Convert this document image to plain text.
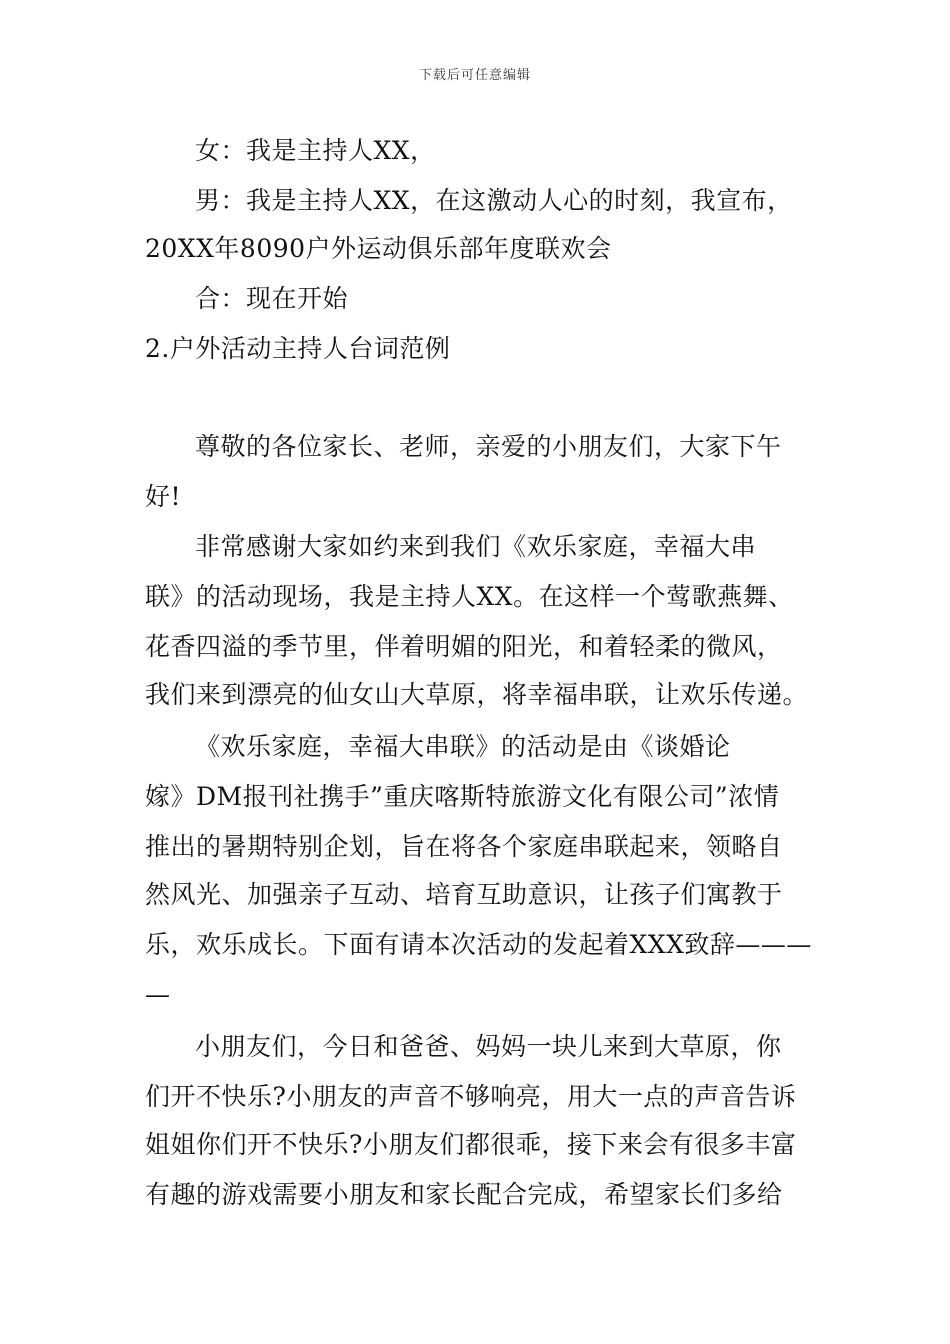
下载后可任意编辑
女：我是主持人XX，
男：我是主持人XX，在这激动人心的时刻，我宣布，
20XX年8090户外运动俱乐部年度联欢会
合：现在开始
2.户外活动主持人台词范例
尊敬的各位家长、老师，亲爱的小朋友们，大家下午
好!
非常感谢大家如约来到我们《欢乐家庭，幸福大串
联》的活动现场，我是主持人XX。在这样一个莺歌燕舞、
花香四溢的季节里，伴着明媚的阳光，和着轻柔的微风，
我们来到漂亮的仙女山大草原，将幸福串联，让欢乐传递。
《欢乐家庭，幸福大串联》的活动是由《谈婚论
嫁》DM报刊社携手”重庆喀斯特旅游文化有限公司”浓情
推出的暑期特别企划，旨在将各个家庭串联起来，领略自
然风光、加强亲子互动、培育互助意识，让孩子们寓教于
乐，欢乐成长。下面有请本次活动的发起着XXX致辞———
—
小朋友们，今日和爸爸、妈妈一块儿来到大草原，你
们开不快乐?小朋友的声音不够响亮，用大一点的声音告诉
姐姐你们开不快乐?小朋友们都很乖，接下来会有很多丰富
有趣的游戏需要小朋友和家长配合完成，希望家长们多给
